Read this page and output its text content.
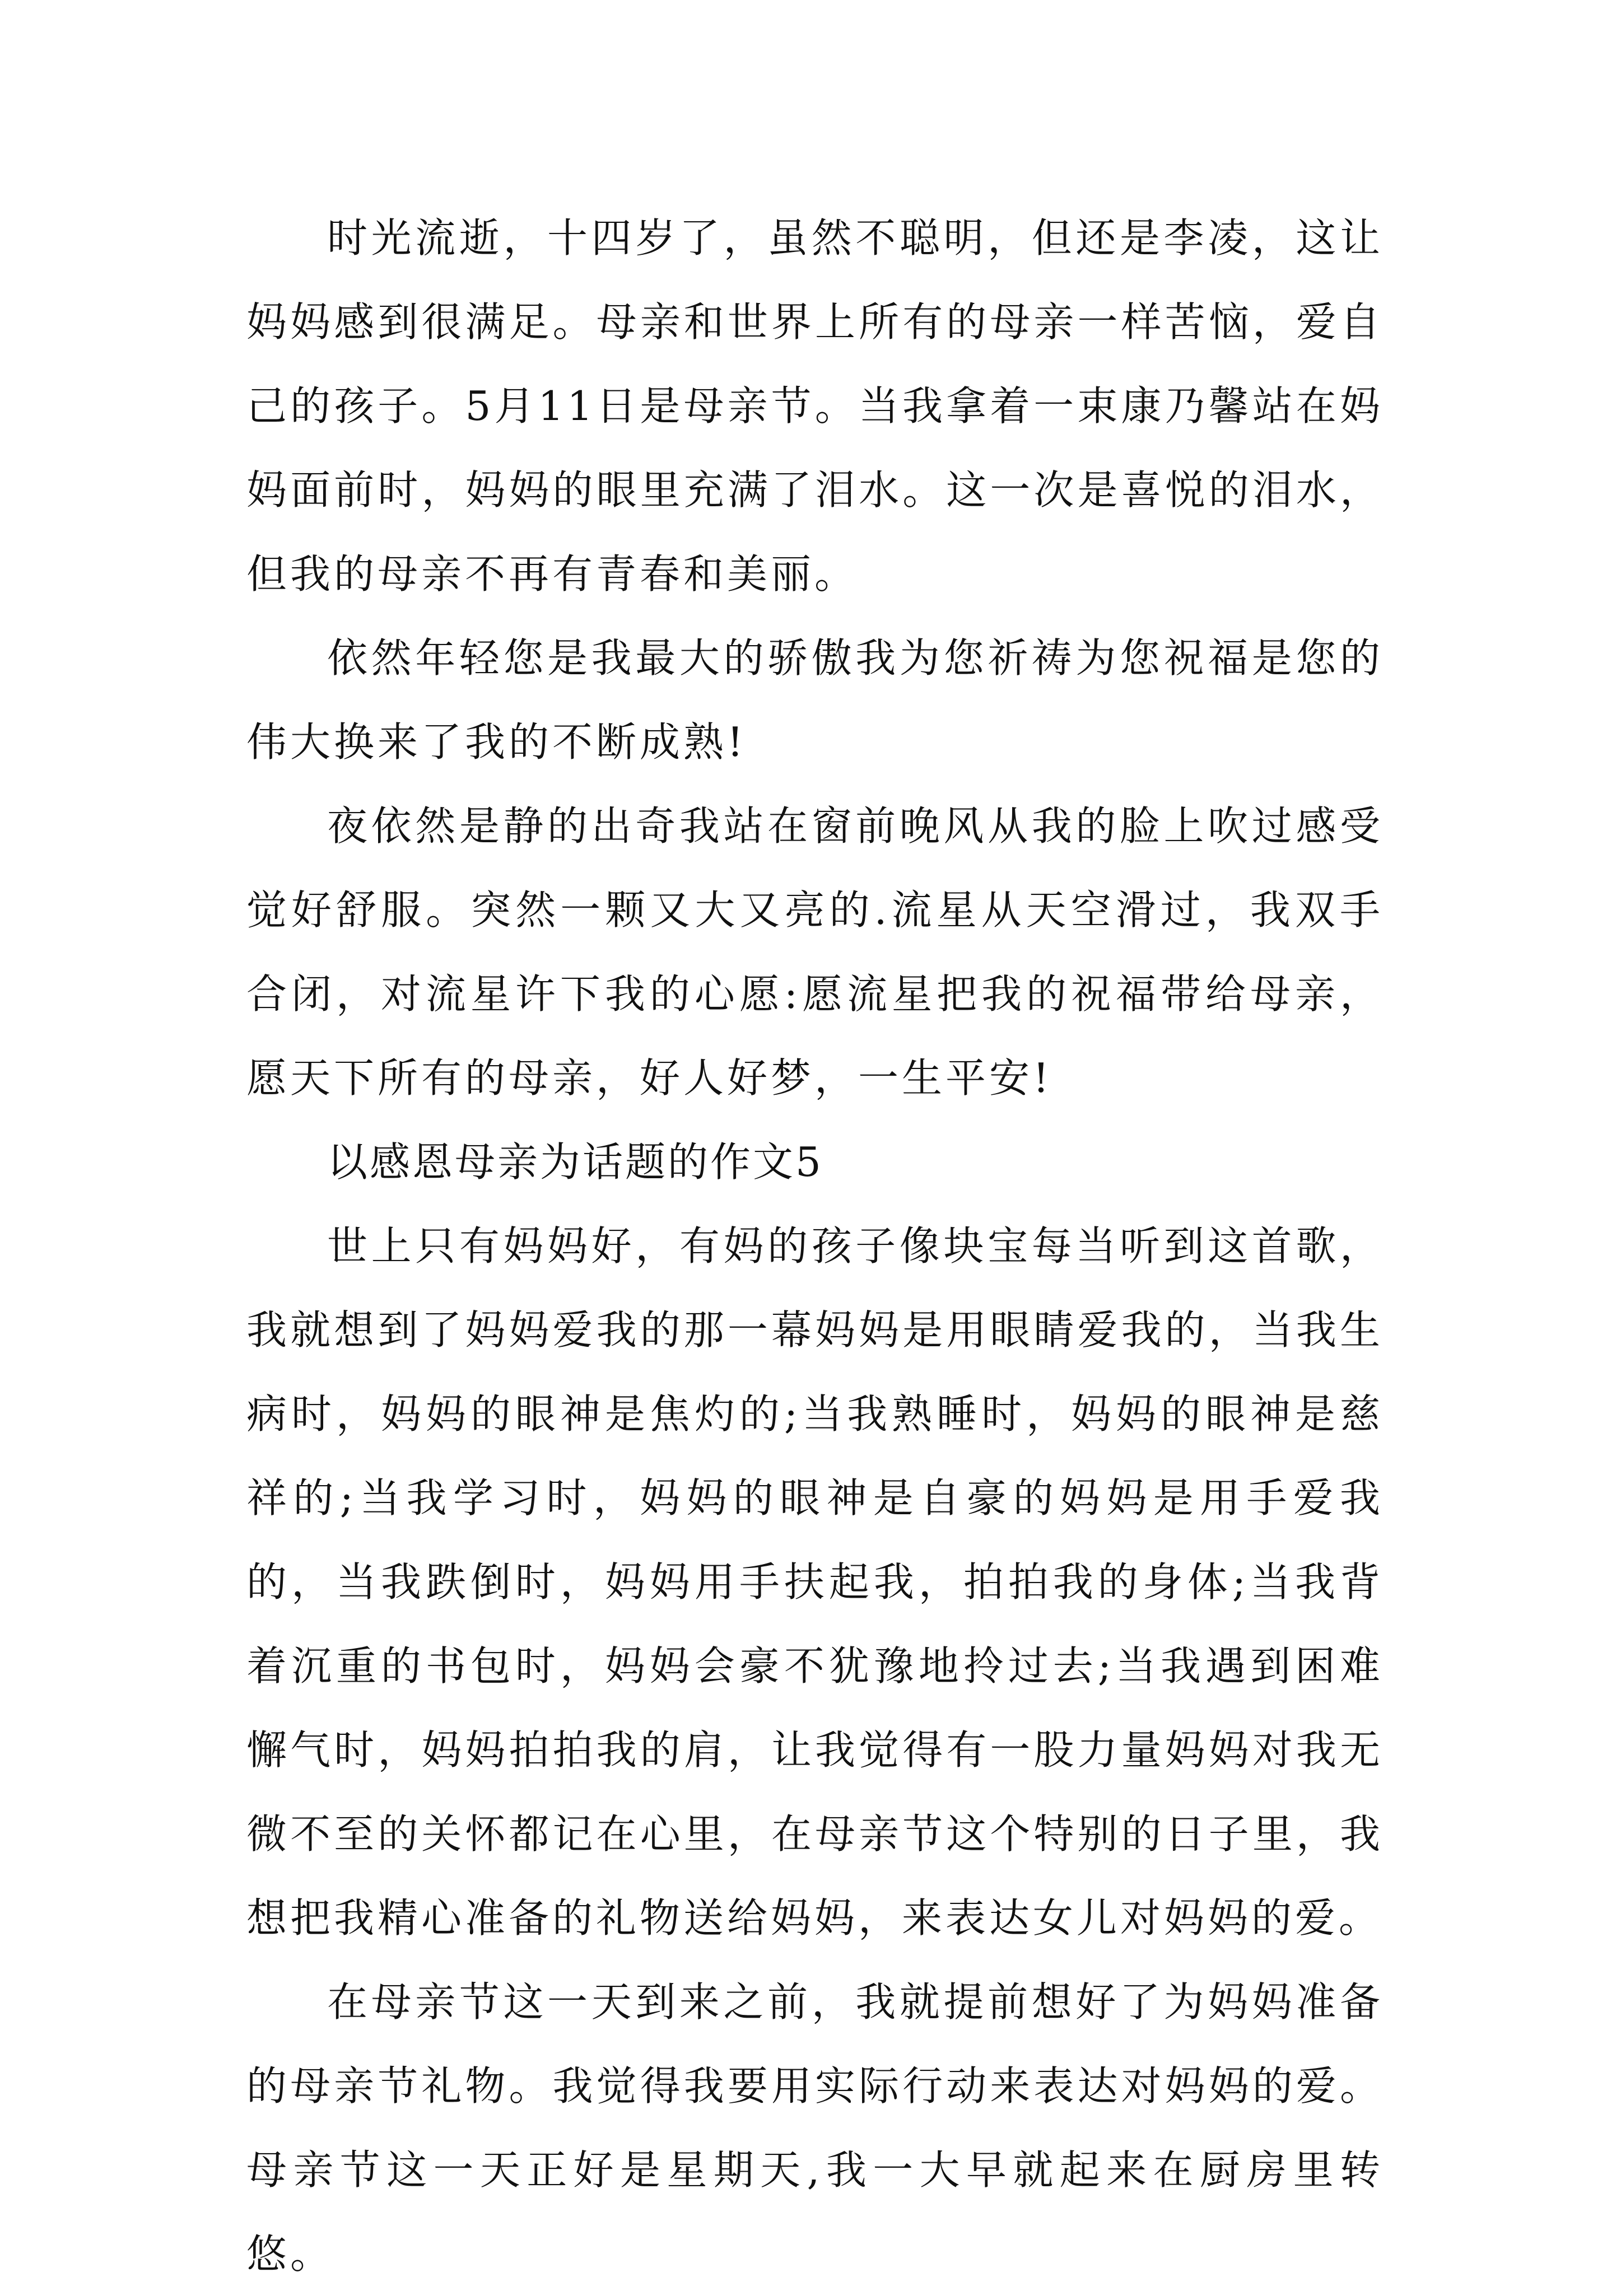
时光流逝，十四岁了，虽然不聪明，但还是李凌，这让妈妈感到很满足。母亲和世界上所有的母亲一样苦恼，爱自己的孩子。5月11日是母亲节。当我拿着一束康乃馨站在妈妈面前时，妈妈的眼里充满了泪水。这一次是喜悦的泪水，但我的母亲不再有青春和美丽。

依然年轻您是我最大的骄傲我为您祈祷为您祝福是您的伟大换来了我的不断成熟!

夜依然是静的出奇我站在窗前晚风从我的脸上吹过感受觉好舒服。突然一颗又大又亮的.流星从天空滑过，我双手合闭，对流星许下我的心愿:愿流星把我的祝福带给母亲，愿天下所有的母亲，好人好梦，一生平安!

以感恩母亲为话题的作文5

世上只有妈妈好，有妈的孩子像块宝每当听到这首歌，我就想到了妈妈爱我的那一幕妈妈是用眼睛爱我的，当我生病时，妈妈的眼神是焦灼的;当我熟睡时，妈妈的眼神是慈祥的;当我学习时，妈妈的眼神是自豪的妈妈是用手爱我的，当我跌倒时，妈妈用手扶起我，拍拍我的身体;当我背着沉重的书包时，妈妈会豪不犹豫地拎过去;当我遇到困难懈气时，妈妈拍拍我的肩，让我觉得有一股力量妈妈对我无微不至的关怀都记在心里，在母亲节这个特别的日子里，我想把我精心准备的礼物送给妈妈，来表达女儿对妈妈的爱。

在母亲节这一天到来之前，我就提前想好了为妈妈准备的母亲节礼物。我觉得我要用实际行动来表达对妈妈的爱。母亲节这一天正好是星期天,我一大早就起来在厨房里转悠。
